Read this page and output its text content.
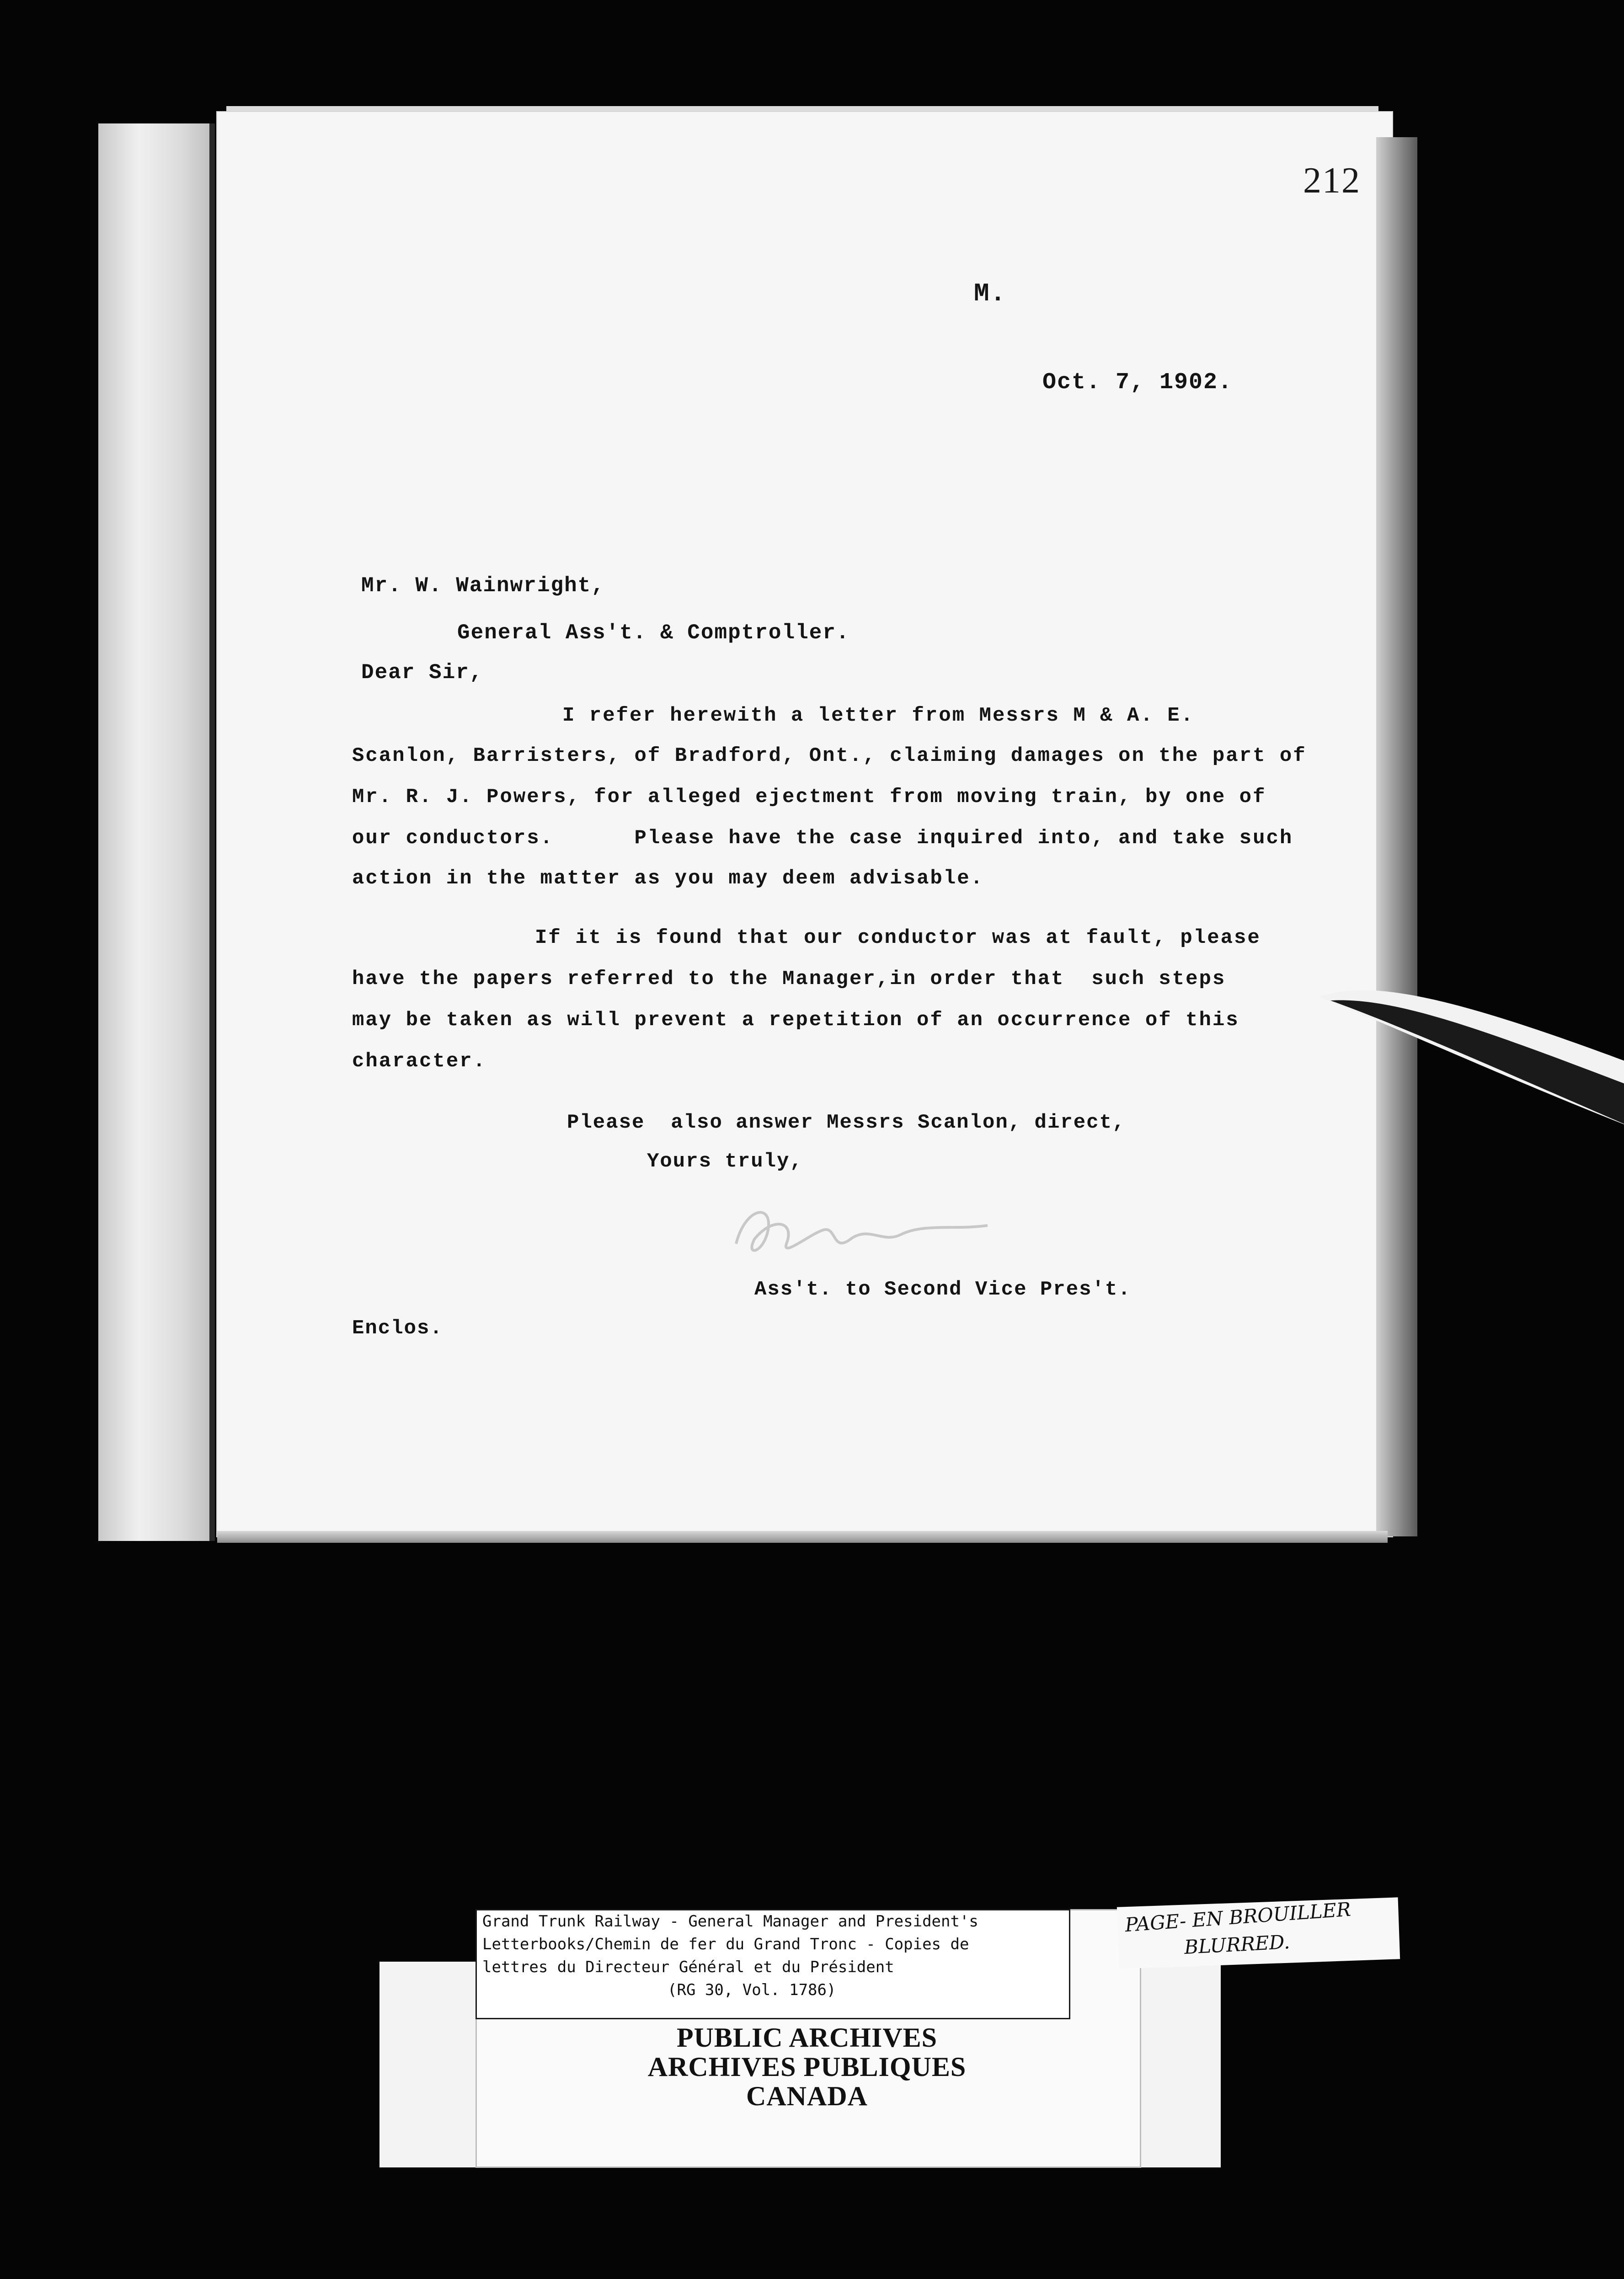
212
M.
Oct. 7, 1902.
Mr. W. Wainwright,
General Ass't. & Comptroller.
Dear Sir,
I refer herewith a letter from Messrs M & A. E.
Scanlon, Barristers, of Bradford, Ont., claiming damages on the part of
Mr. R. J. Powers, for alleged ejectment from moving train, by one of
our conductors.      Please have the case inquired into, and take such
action in the matter as you may deem advisable.
If it is found that our conductor was at fault, please
have the papers referred to the Manager,in order that  such steps
may be taken as will prevent a repetition of an occurrence of this
character.
Please  also answer Messrs Scanlon, direct,
Yours truly,
Ass't. to Second Vice Pres't.
Enclos.
Grand Trunk Railway - General Manager and President's
Letterbooks/Chemin de fer du Grand Tronc - Copies de
lettres du Directeur Général et du Président
(RG 30, Vol. 1786)
PUBLIC ARCHIVES
ARCHIVES PUBLIQUES
CANADA
PAGE- EN BROUILLER
BLURRED.
